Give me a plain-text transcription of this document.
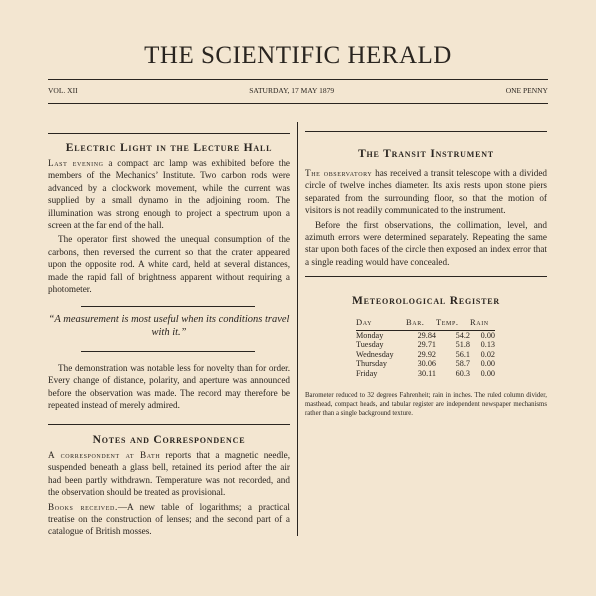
THE SCIENTIFIC HERALD
VOL. XII	SATURDAY, 17 MAY 1879	ONE PENNY
Electric Light in the Lecture Hall

Last evening a compact arc lamp was exhibited before the members of the Mechanics’ Institute. Two carbon rods were advanced by a clockwork movement, while the current was supplied by a small dynamo in the adjoining room. The illumination was strong enough to project a spectrum upon a screen at the far end of the hall.

The operator first showed the unequal consumption of the carbons, then reversed the current so that the crater appeared upon the opposite rod. A white card, held at several distances, made the rapid fall of brightness apparent without requiring a photometer.

“A measurement is most useful when its conditions travel with it.”

The demonstration was notable less for novelty than for order. Every change of distance, polarity, and aperture was announced before the observation was made. The record may therefore be repeated instead of merely admired.

Notes and Correspondence

A correspondent at Bath reports that a magnetic needle, suspended beneath a glass bell, retained its period after the air had been partly withdrawn. Temperature was not recorded, and the observation should be treated as provisional.

Books received.—A new table of logarithms; a practical treatise on the construction of lenses; and the second part of a catalogue of British mosses.

The Transit Instrument

The observatory has received a transit telescope with a divided circle of twelve inches diameter. Its axis rests upon stone piers separated from the surrounding floor, so that the motion of visitors is not readily communicated to the instrument.

Before the first observations, the collimation, level, and azimuth errors were determined separately. Repeating the same star upon both faces of the circle then exposed an index error that a single reading would have concealed.

Meteorological Register
Day	Bar.	Temp.	Rain
Monday	29.84	54.2	0.00
Tuesday	29.71	51.8	0.13
Wednesday	29.92	56.1	0.02
Thursday	30.06	58.7	0.00
Friday	30.11	60.3	0.00

Barometer reduced to 32 degrees Fahrenheit; rain in inches. The ruled column divider, masthead, compact heads, and tabular register are independent newspaper mechanisms rather than a single background texture.
